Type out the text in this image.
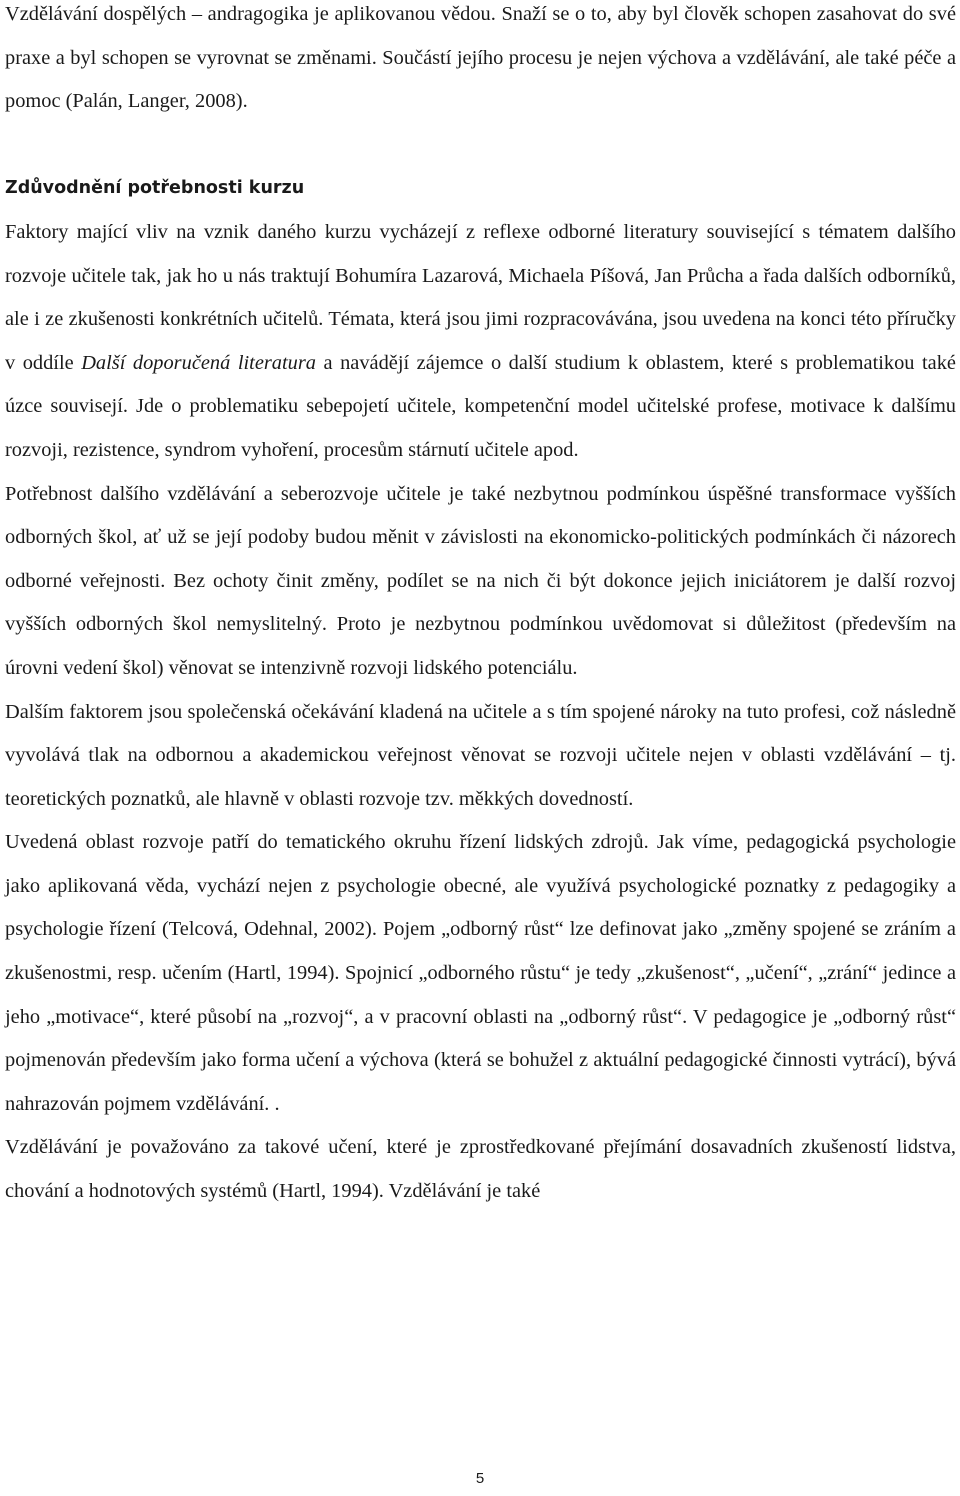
Vzdělávání dospělých – andragogika je aplikovanou vědou. Snaží se o to, aby byl člověk schopen zasahovat do své praxe a byl schopen se vyrovnat se změnami. Součástí jejího procesu je nejen výchova a vzdělávání, ale také péče a pomoc (Palán, Langer, 2008).

Zdůvodnění potřebnosti kurzu

Faktory mající vliv na vznik daného kurzu vycházejí z reflexe odborné literatury související s tématem dalšího rozvoje učitele tak, jak ho u nás traktují Bohumíra Lazarová, Michaela Píšová, Jan Průcha a řada dalších odborníků, ale i ze zkušenosti konkrétních učitelů. Témata, která jsou jimi rozpracovávána, jsou uvedena na konci této příručky v oddíle Další doporučená literatura a navádějí zájemce o další studium k oblastem, které s problematikou také úzce souvisejí. Jde o problematiku sebepojetí učitele, kompetenční model učitelské profese, motivace k dalšímu rozvoji, rezistence, syndrom vyhoření, procesům stárnutí učitele apod.

Potřebnost dalšího vzdělávání a seberozvoje učitele je také nezbytnou podmínkou úspěšné transformace vyšších odborných škol, ať už se její podoby budou měnit v závislosti na ekonomicko-politických podmínkách či názorech odborné veřejnosti. Bez ochoty činit změny, podílet se na nich či být dokonce jejich iniciátorem je další rozvoj vyšších odborných škol nemyslitelný. Proto je nezbytnou podmínkou uvědomovat si důležitost (především na úrovni vedení škol) věnovat se intenzivně rozvoji lidského potenciálu.

Dalším faktorem jsou společenská očekávání kladená na učitele a s tím spojené nároky na tuto profesi, což následně vyvolává tlak na odbornou a akademickou veřejnost věnovat se rozvoji učitele nejen v oblasti vzdělávání – tj. teoretických poznatků, ale hlavně v oblasti rozvoje tzv. měkkých dovedností.

Uvedená oblast rozvoje patří do tematického okruhu řízení lidských zdrojů. Jak víme, pedagogická psychologie jako aplikovaná věda, vychází nejen z psychologie obecné, ale využívá psychologické poznatky z pedagogiky a psychologie řízení (Telcová, Odehnal, 2002). Pojem „odborný růst“ lze definovat jako „změny spojené se zráním a zkušenostmi, resp. učením (Hartl, 1994). Spojnicí „odborného růstu“ je tedy „zkušenost“, „učení“, „zrání“ jedince a jeho „motivace“, které působí na „rozvoj“, a v pracovní oblasti na „odborný růst“. V pedagogice je „odborný růst“ pojmenován především jako forma učení a výchova (která se bohužel z aktuální pedagogické činnosti vytrácí), bývá nahrazován pojmem vzdělávání. .

Vzdělávání je považováno za takové učení, které je zprostředkované přejímání dosavadních zkušeností lidstva, chování a hodnotových systémů (Hartl, 1994). Vzdělávání je také

5
